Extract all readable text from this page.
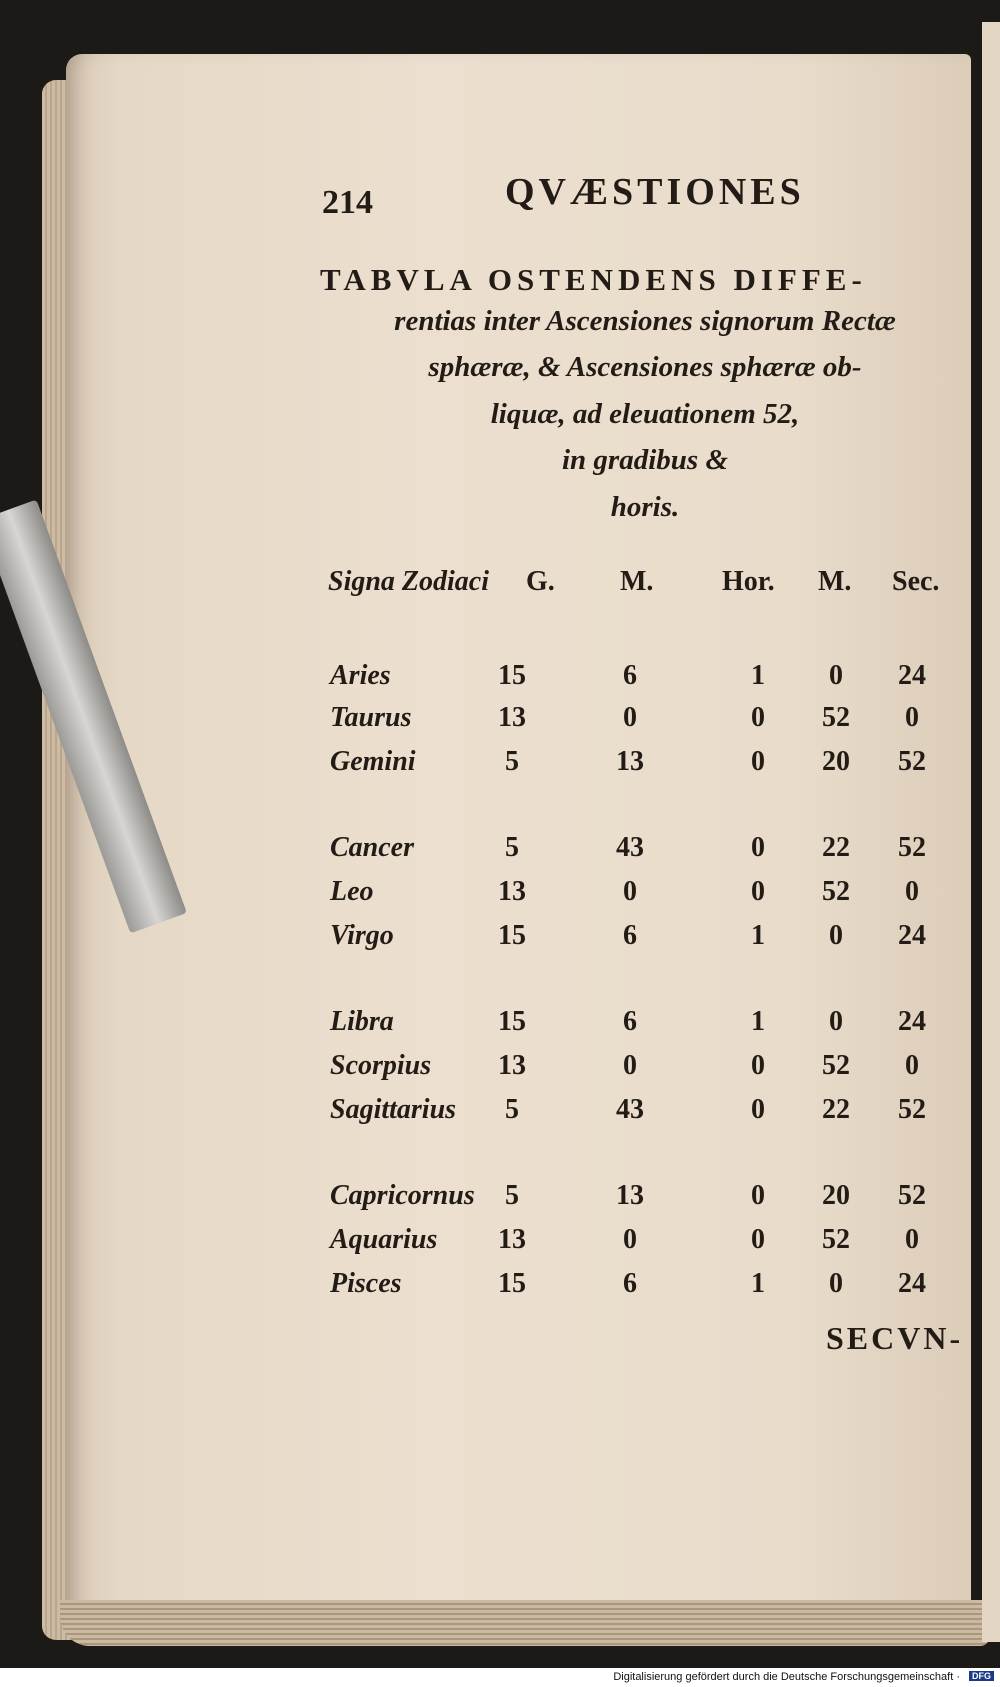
214	QVÆSTIONES
TABVLA OSTENDENS DIFFE-
rentias inter Ascensiones signorum Rectæ
sphæræ, & Ascensiones sphæræ ob-
liquæ, ad eleuationem 52,
in gradibus &
horis.
Signa Zodiaci G. M. Hor. M. Sec.
Aries	15	6	1 0 24
Taurus	13	0	0 52 0
Gemini	5	13	0 20 52
Cancer	5	43	0 22 52
Leo	13	0	0 52 0
Virgo	15	6	1 0 24
Libra	15	6	1 0 24
Scorpius 13	0	0 52 0
Sagittarius 5	43	0 22 52
Capricornus 5	13	0 20 52
Aquarius 13	0	0 52 0
Pisces	15	6	1 0 24
SECVN-
Digitalisierung gefördert durch die Deutsche Forschungsgemeinschaft ·	DFG
